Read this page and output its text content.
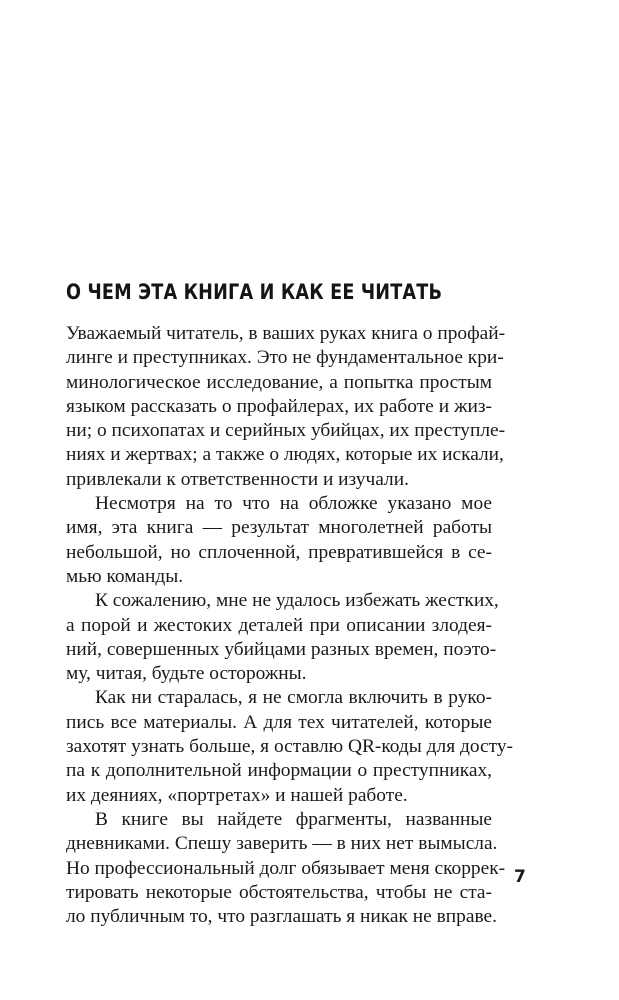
О ЧЕМ ЭТА КНИГА И КАК ЕЕ ЧИТАТЬ
Уважаемый читатель, в ваших руках книга о профай-
линге и преступниках. Это не фундаментальное кри-
минологическое исследование, а попытка простым
языком рассказать о профайлерах, их работе и жиз-
ни; о психопатах и серийных убийцах, их преступле-
ниях и жертвах; а также о людях, которые их искали,
привлекали к ответственности и изучали.
Несмотря на то что на обложке указано мое
имя, эта книга — результат многолетней работы
небольшой, но сплоченной, превратившейся в се-
мью команды.
К сожалению, мне не удалось избежать жестких,
а порой и жестоких деталей при описании злодея-
ний, совершенных убийцами разных времен, поэто-
му, читая, будьте осторожны.
Как ни старалась, я не смогла включить в руко-
пись все материалы. А для тех читателей, которые
захотят узнать больше, я оставлю QR-коды для досту-
па к дополнительной информации о преступниках,
их деяниях, «портретах» и нашей работе.
В книге вы найдете фрагменты, названные
дневниками. Спешу заверить — в них нет вымысла.
Но профессиональный долг обязывает меня скоррек-
тировать некоторые обстоятельства, чтобы не ста-
ло публичным то, что разглашать я никак не вправе.
7
